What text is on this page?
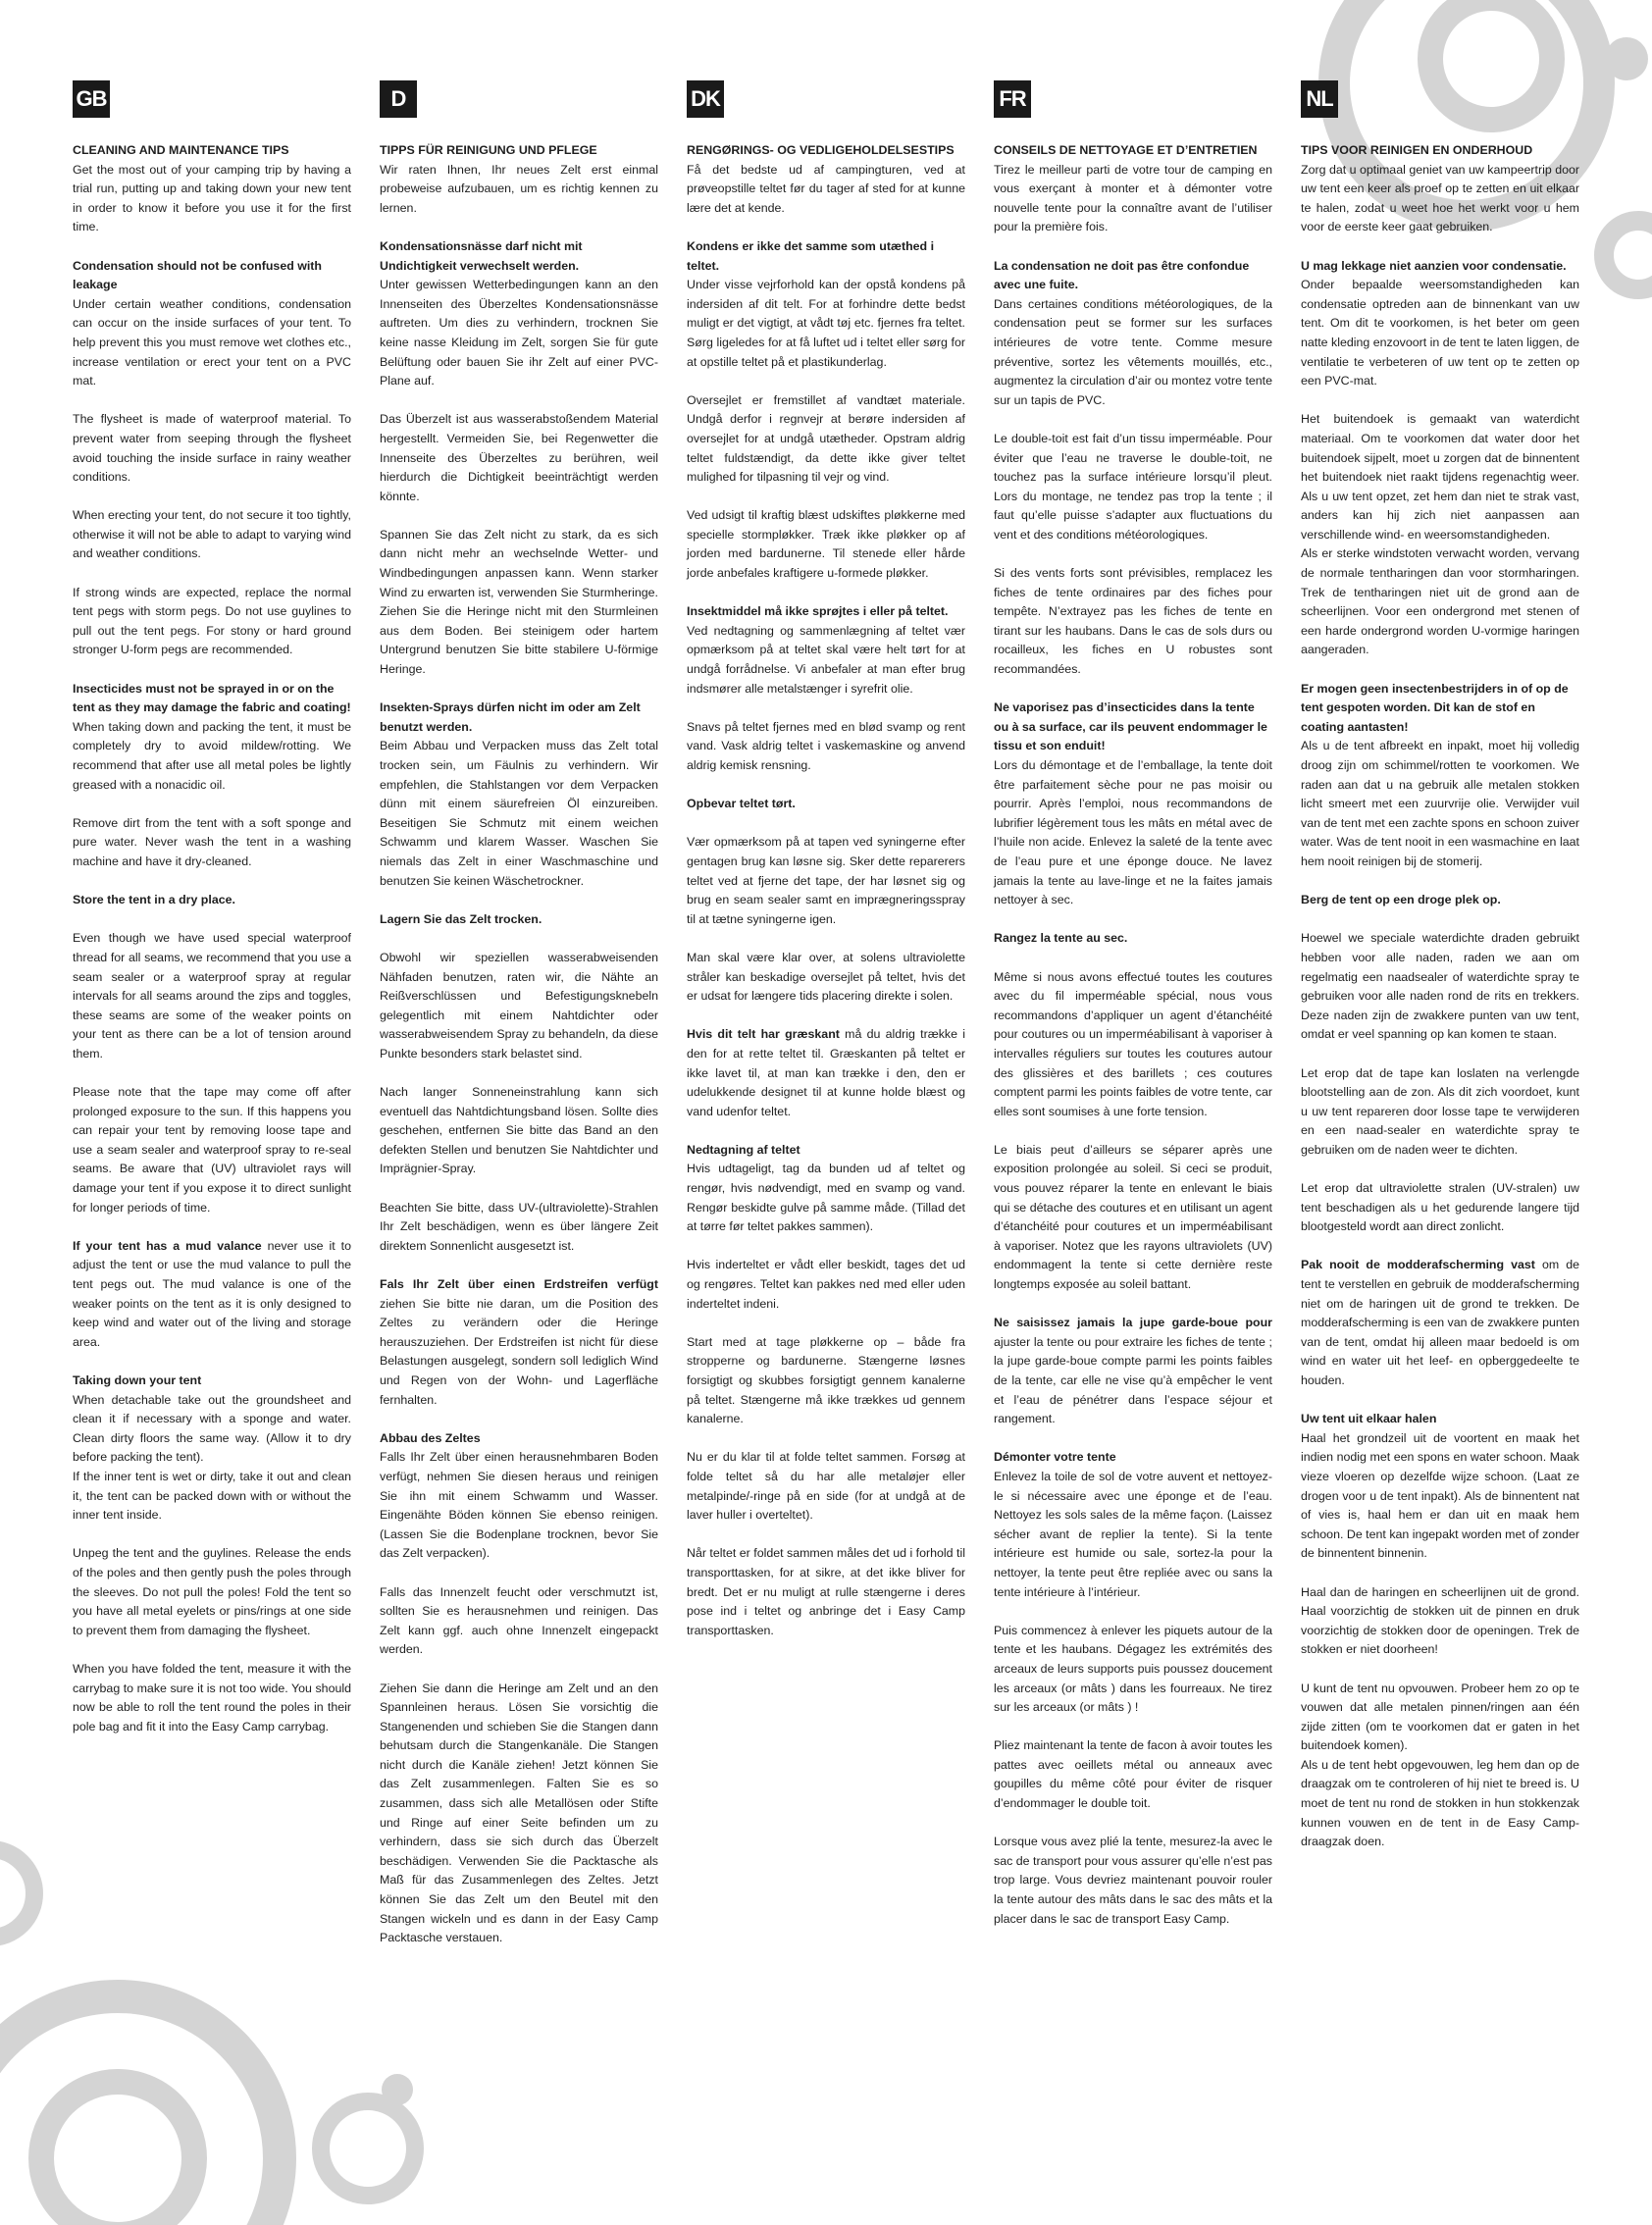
GB

CLEANING AND MAINTENANCE TIPS

Get the most out of your camping trip by having a trial run, putting up and taking down your new tent in order to know it before you use it for the first time.

Condensation should not be confused with leakage

Under certain weather conditions, condensation can occur on the inside surfaces of your tent. To help prevent this you must remove wet clothes etc., increase ventilation or erect your tent on a PVC mat.

The flysheet is made of waterproof material. To prevent water from seeping through the flysheet avoid touching the inside surface in rainy weather conditions.

When erecting your tent, do not secure it too tightly, otherwise it will not be able to adapt to varying wind and weather conditions.

If strong winds are expected, replace the normal tent pegs with storm pegs. Do not use guylines to pull out the tent pegs. For stony or hard ground stronger U-form pegs are recommended.

Insecticides must not be sprayed in or on the tent as they may damage the fabric and coating!

When taking down and packing the tent, it must be completely dry to avoid mildew/rotting. We recommend that after use all metal poles be lightly greased with a nonacidic oil.

Remove dirt from the tent with a soft sponge and pure water. Never wash the tent in a washing machine and have it dry-cleaned.

Store the tent in a dry place.

Even though we have used special waterproof thread for all seams, we recommend that you use a seam sealer or a waterproof spray at regular intervals for all seams around the zips and toggles, these seams are some of the weaker points on your tent as there can be a lot of tension around them.

Please note that the tape may come off after prolonged exposure to the sun. If this happens you can repair your tent by removing loose tape and use a seam sealer and waterproof spray to re-seal seams. Be aware that (UV) ultraviolet rays will damage your tent if you expose it to direct sunlight for longer periods of time.

If your tent has a mud valance never use it to adjust the tent or use the mud valance to pull the tent pegs out. The mud valance is one of the weaker points on the tent as it is only designed to keep wind and water out of the living and storage area.

Taking down your tent

When detachable take out the groundsheet and clean it if necessary with a sponge and water. Clean dirty floors the same way. (Allow it to dry before packing the tent).

If the inner tent is wet or dirty, take it out and clean it, the tent can be packed down with or without the inner tent inside.

Unpeg the tent and the guylines. Release the ends of the poles and then gently push the poles through the sleeves. Do not pull the poles! Fold the tent so you have all metal eyelets or pins/rings at one side to prevent them from damaging the flysheet.

When you have folded the tent, measure it with the carrybag to make sure it is not too wide. You should now be able to roll the tent round the poles in their pole bag and fit it into the Easy Camp carrybag.

D

TIPPS FÜR REINIGUNG UND PFLEGE

Wir raten Ihnen, Ihr neues Zelt erst einmal probeweise aufzubauen, um es richtig kennen zu lernen.

Kondensationsnässe darf nicht mit Undichtigkeit verwechselt werden.

Unter gewissen Wetterbedingungen kann an den Innenseiten des Überzeltes Kondensationsnässe auftreten. Um dies zu verhindern, trocknen Sie keine nasse Kleidung im Zelt, sorgen Sie für gute Belüftung oder bauen Sie ihr Zelt auf einer PVC-Plane auf.

Das Überzelt ist aus wasserabstoßendem Material hergestellt. Vermeiden Sie, bei Regenwetter die Innenseite des Überzeltes zu berühren, weil hierdurch die Dichtigkeit beeinträchtigt werden könnte.

Spannen Sie das Zelt nicht zu stark, da es sich dann nicht mehr an wechselnde Wetter- und Windbedingungen anpassen kann. Wenn starker Wind zu erwarten ist, verwenden Sie Sturmheringe. Ziehen Sie die Heringe nicht mit den Sturmleinen aus dem Boden. Bei steinigem oder hartem Untergrund benutzen Sie bitte stabilere U-förmige Heringe.

Insekten-Sprays dürfen nicht im oder am Zelt benutzt werden.

Beim Abbau und Verpacken muss das Zelt total trocken sein, um Fäulnis zu verhindern. Wir empfehlen, die Stahlstangen vor dem Verpacken dünn mit einem säurefreien Öl einzureiben. Beseitigen Sie Schmutz mit einem weichen Schwamm und klarem Wasser. Waschen Sie niemals das Zelt in einer Waschmaschine und benutzen Sie keinen Wäschetrockner.

Lagern Sie das Zelt trocken.

Obwohl wir speziellen wasserabweisenden Nähfaden benutzen, raten wir, die Nähte an Reißverschlüssen und Befestigungsknebeln gelegentlich mit einem Nahtdichter oder wasserabweisendem Spray zu behandeln, da diese Punkte besonders stark belastet sind.

Nach langer Sonneneinstrahlung kann sich eventuell das Nahtdichtungsband lösen. Sollte dies geschehen, entfernen Sie bitte das Band an den defekten Stellen und benutzen Sie Nahtdichter und Imprägnier-Spray.

Beachten Sie bitte, dass UV-(ultraviolette)-Strahlen Ihr Zelt beschädigen, wenn es über längere Zeit direktem Sonnenlicht ausgesetzt ist.

Fals Ihr Zelt über einen Erdstreifen verfügt ziehen Sie bitte nie daran, um die Position des Zeltes zu verändern oder die Heringe herauszuziehen. Der Erdstreifen ist nicht für diese Belastungen ausgelegt, sondern soll lediglich Wind und Regen von der Wohn- und Lagerfläche fernhalten.

Abbau des Zeltes

Falls Ihr Zelt über einen herausnehmbaren Boden verfügt, nehmen Sie diesen heraus und reinigen Sie ihn mit einem Schwamm und Wasser. Eingenähte Böden können Sie ebenso reinigen. (Lassen Sie die Bodenplane trocknen, bevor Sie das Zelt verpacken).

Falls das Innenzelt feucht oder verschmutzt ist, sollten Sie es herausnehmen und reinigen. Das Zelt kann ggf. auch ohne Innenzelt eingepackt werden.

Ziehen Sie dann die Heringe am Zelt und an den Spannleinen heraus. Lösen Sie vorsichtig die Stangenenden und schieben Sie die Stangen dann behutsam durch die Stangenkanäle. Die Stangen nicht durch die Kanäle ziehen! Jetzt können Sie das Zelt zusammenlegen. Falten Sie es so zusammen, dass sich alle Metallösen oder Stifte und Ringe auf einer Seite befinden um zu verhindern, dass sie sich durch das Überzelt beschädigen. Verwenden Sie die Packtasche als Maß für das Zusammenlegen des Zeltes. Jetzt können Sie das Zelt um den Beutel mit den Stangen wickeln und es dann in der Easy Camp Packtasche verstauen.

DK

RENGØRINGS- OG VEDLIGEHOLDELSESTIPS

Få det bedste ud af campingturen, ved at prøveopstille teltet før du tager af sted for at kunne lære det at kende.

Kondens er ikke det samme som utæthed i teltet.

Under visse vejrforhold kan der opstå kondens på indersiden af dit telt. For at forhindre dette bedst muligt er det vigtigt, at vådt tøj etc. fjernes fra teltet. Sørg ligeledes for at få luftet ud i teltet eller sørg for at opstille teltet på et plastikunderlag.

Oversejlet er fremstillet af vandtæt materiale. Undgå derfor i regnvejr at berøre indersiden af oversejlet for at undgå utætheder. Opstram aldrig teltet fuldstændigt, da dette ikke giver teltet mulighed for tilpasning til vejr og vind.

Ved udsigt til kraftig blæst udskiftes pløkkerne med specielle stormpløkker. Træk ikke pløkker op af jorden med bardunerne. Til stenede eller hårde jorde anbefales kraftigere u-formede pløkker.

Insektmiddel må ikke sprøjtes i eller på teltet.

Ved nedtagning og sammenlægning af teltet vær opmærksom på at teltet skal være helt tørt for at undgå forrådnelse. Vi anbefaler at man efter brug indsmører alle metalstænger i syrefrit olie.

Snavs på teltet fjernes med en blød svamp og rent vand. Vask aldrig teltet i vaskemaskine og anvend aldrig kemisk rensning.

Opbevar teltet tørt.

Vær opmærksom på at tapen ved syningerne efter gentagen brug kan løsne sig. Sker dette reparerers teltet ved at fjerne det tape, der har løsnet sig og brug en seam sealer samt en imprægneringsspray til at tætne syningerne igen.

Man skal være klar over, at solens ultraviolette stråler kan beskadige oversejlet på teltet, hvis det er udsat for længere tids placering direkte i solen.

Hvis dit telt har græskant må du aldrig trække i den for at rette teltet til. Græskanten på teltet er ikke lavet til, at man kan trække i den, den er udelukkende designet til at kunne holde blæst og vand udenfor teltet.

Nedtagning af teltet

Hvis udtageligt, tag da bunden ud af teltet og rengør, hvis nødvendigt, med en svamp og vand. Rengør beskidte gulve på samme måde. (Tillad det at tørre før teltet pakkes sammen).

Hvis inderteltet er vådt eller beskidt, tages det ud og rengøres. Teltet kan pakkes ned med eller uden inderteltet indeni.

Start med at tage pløkkerne op – både fra stropperne og bardunerne. Stængerne løsnes forsigtigt og skubbes forsigtigt gennem kanalerne på teltet. Stængerne må ikke trækkes ud gennem kanalerne.

Nu er du klar til at folde teltet sammen. Forsøg at folde teltet så du har alle metaløjer eller metalpinde/-ringe på en side (for at undgå at de laver huller i overteltet).

Når teltet er foldet sammen måles det ud i forhold til transporttasken, for at sikre, at det ikke bliver for bredt. Det er nu muligt at rulle stængerne i deres pose ind i teltet og anbringe det i Easy Camp transporttasken.

FR

CONSEILS DE NETTOYAGE ET D’ENTRETIEN

Tirez le meilleur parti de votre tour de camping en vous exerçant à monter et à démonter votre nouvelle tente pour la connaître avant de l’utiliser pour la première fois.

La condensation ne doit pas être confondue avec une fuite.

Dans certaines conditions météorologiques, de la condensation peut se former sur les surfaces intérieures de votre tente. Comme mesure préventive, sortez les vêtements mouillés, etc., augmentez la circulation d’air ou montez votre tente sur un tapis de PVC.

Le double-toit est fait d’un tissu imperméable. Pour éviter que l’eau ne traverse le double-toit, ne touchez pas la surface intérieure lorsqu’il pleut. Lors du montage, ne tendez pas trop la tente ; il faut qu’elle puisse s’adapter aux fluctuations du vent et des conditions météorologiques.

Si des vents forts sont prévisibles, remplacez les fiches de tente ordinaires par des fiches pour tempête. N’extrayez pas les fiches de tente en tirant sur les haubans. Dans le cas de sols durs ou rocailleux, les fiches en U robustes sont recommandées.

Ne vaporisez pas d’insecticides dans la tente ou à sa surface, car ils peuvent endommager le tissu et son enduit!

Lors du démontage et de l’emballage, la tente doit être parfaitement sèche pour ne pas moisir ou pourrir. Après l’emploi, nous recommandons de lubrifier légèrement tous les mâts en métal avec de l’huile non acide. Enlevez la saleté de la tente avec de l’eau pure et une éponge douce. Ne lavez jamais la tente au lave-linge et ne la faites jamais nettoyer à sec.

Rangez la tente au sec.

Même si nous avons effectué toutes les coutures avec du fil imperméable spécial, nous vous recommandons d’appliquer un agent d’étanchéité pour coutures ou un imperméabilisant à vaporiser à intervalles réguliers sur toutes les coutures autour des glissières et des barillets ; ces coutures comptent parmi les points faibles de votre tente, car elles sont soumises à une forte tension.

Le biais peut d’ailleurs se séparer après une exposition prolongée au soleil. Si ceci se produit, vous pouvez réparer la tente en enlevant le biais qui se détache des coutures et en utilisant un agent d’étanchéité pour coutures et un imperméabilisant à vaporiser. Notez que les rayons ultraviolets (UV) endommagent la tente si cette dernière reste longtemps exposée au soleil battant.

Ne saisissez jamais la jupe garde-boue pour ajuster la tente ou pour extraire les fiches de tente ; la jupe garde-boue compte parmi les points faibles de la tente, car elle ne vise qu’à empêcher le vent et l’eau de pénétrer dans l’espace séjour et rangement.

Démonter votre tente

Enlevez la toile de sol de votre auvent et nettoyez-le si nécessaire avec une éponge et de l’eau. Nettoyez les sols sales de la même façon. (Laissez sécher avant de replier la tente). Si la tente intérieure est humide ou sale, sortez-la pour la nettoyer, la tente peut être repliée avec ou sans la tente intérieure à l’intérieur.

Puis commencez à enlever les piquets autour de la tente et les haubans. Dégagez les extrémités des arceaux de leurs supports puis poussez doucement les arceaux (or mâts ) dans les fourreaux. Ne tirez sur les arceaux (or mâts ) !

Pliez maintenant la tente de facon à avoir toutes les pattes avec oeillets métal ou anneaux avec goupilles du même côté pour éviter de risquer d’endommager le double toit.

Lorsque vous avez plié la tente, mesurez-la avec le sac de transport pour vous assurer qu’elle n’est pas trop large. Vous devriez maintenant pouvoir rouler la tente autour des mâts dans le sac des mâts et la placer dans le sac de transport Easy Camp.

NL

TIPS VOOR REINIGEN EN ONDERHOUD

Zorg dat u optimaal geniet van uw kampeertrip door uw tent een keer als proef op te zetten en uit elkaar te halen, zodat u weet hoe het werkt voor u hem voor de eerste keer gaat gebruiken.

U mag lekkage niet aanzien voor condensatie.

Onder bepaalde weersomstandigheden kan condensatie optreden aan de binnenkant van uw tent. Om dit te voorkomen, is het beter om geen natte kleding enzovoort in de tent te laten liggen, de ventilatie te verbeteren of uw tent op te zetten op een PVC-mat.

Het buitendoek is gemaakt van waterdicht materiaal. Om te voorkomen dat water door het buitendoek sijpelt, moet u zorgen dat de binnentent het buitendoek niet raakt tijdens regenachtig weer. Als u uw tent opzet, zet hem dan niet te strak vast, anders kan hij zich niet aanpassen aan verschillende wind- en weersomstandigheden.

Als er sterke windstoten verwacht worden, vervang de normale tentharingen dan voor stormharingen. Trek de tentharingen niet uit de grond aan de scheerlijnen. Voor een ondergrond met stenen of een harde ondergrond worden U-vormige haringen aangeraden.

Er mogen geen insectenbestrijders in of op de tent gespoten worden. Dit kan de stof en coating aantasten!

Als u de tent afbreekt en inpakt, moet hij volledig droog zijn om schimmel/rotten te voorkomen. We raden aan dat u na gebruik alle metalen stokken licht smeert met een zuurvrije olie. Verwijder vuil van de tent met een zachte spons en schoon zuiver water. Was de tent nooit in een wasmachine en laat hem nooit reinigen bij de stomerij.

Berg de tent op een droge plek op.

Hoewel we speciale waterdichte draden gebruikt hebben voor alle naden, raden we aan om regelmatig een naadsealer of waterdichte spray te gebruiken voor alle naden rond de rits en trekkers. Deze naden zijn de zwakkere punten van uw tent, omdat er veel spanning op kan komen te staan.

Let erop dat de tape kan loslaten na verlengde blootstelling aan de zon. Als dit zich voordoet, kunt u uw tent repareren door losse tape te verwijderen en een naad-sealer en waterdichte spray te gebruiken om de naden weer te dichten.

Let erop dat ultraviolette stralen (UV-stralen) uw tent beschadigen als u het gedurende langere tijd blootgesteld wordt aan direct zonlicht.

Pak nooit de modderafscherming vast om de tent te verstellen en gebruik de modderafscherming niet om de haringen uit de grond te trekken. De modderafscherming is een van de zwakkere punten van de tent, omdat hij alleen maar bedoeld is om wind en water uit het leef- en opberggedeelte te houden.

Uw tent uit elkaar halen

Haal het grondzeil uit de voortent en maak het indien nodig met een spons en water schoon. Maak vieze vloeren op dezelfde wijze schoon. (Laat ze drogen voor u de tent inpakt). Als de binnentent nat of vies is, haal hem er dan uit en maak hem schoon. De tent kan ingepakt worden met of zonder de binnentent binnenin.

Haal dan de haringen en scheerlijnen uit de grond. Haal voorzichtig de stokken uit de pinnen en druk voorzichtig de stokken door de openingen. Trek de stokken er niet doorheen!

U kunt de tent nu opvouwen. Probeer hem zo op te vouwen dat alle metalen pinnen/ringen aan één zijde zitten (om te voorkomen dat er gaten in het buitendoek komen).

Als u de tent hebt opgevouwen, leg hem dan op de draagzak om te controleren of hij niet te breed is. U moet de tent nu rond de stokken in hun stokkenzak kunnen vouwen en de tent in de Easy Camp-draagzak doen.
